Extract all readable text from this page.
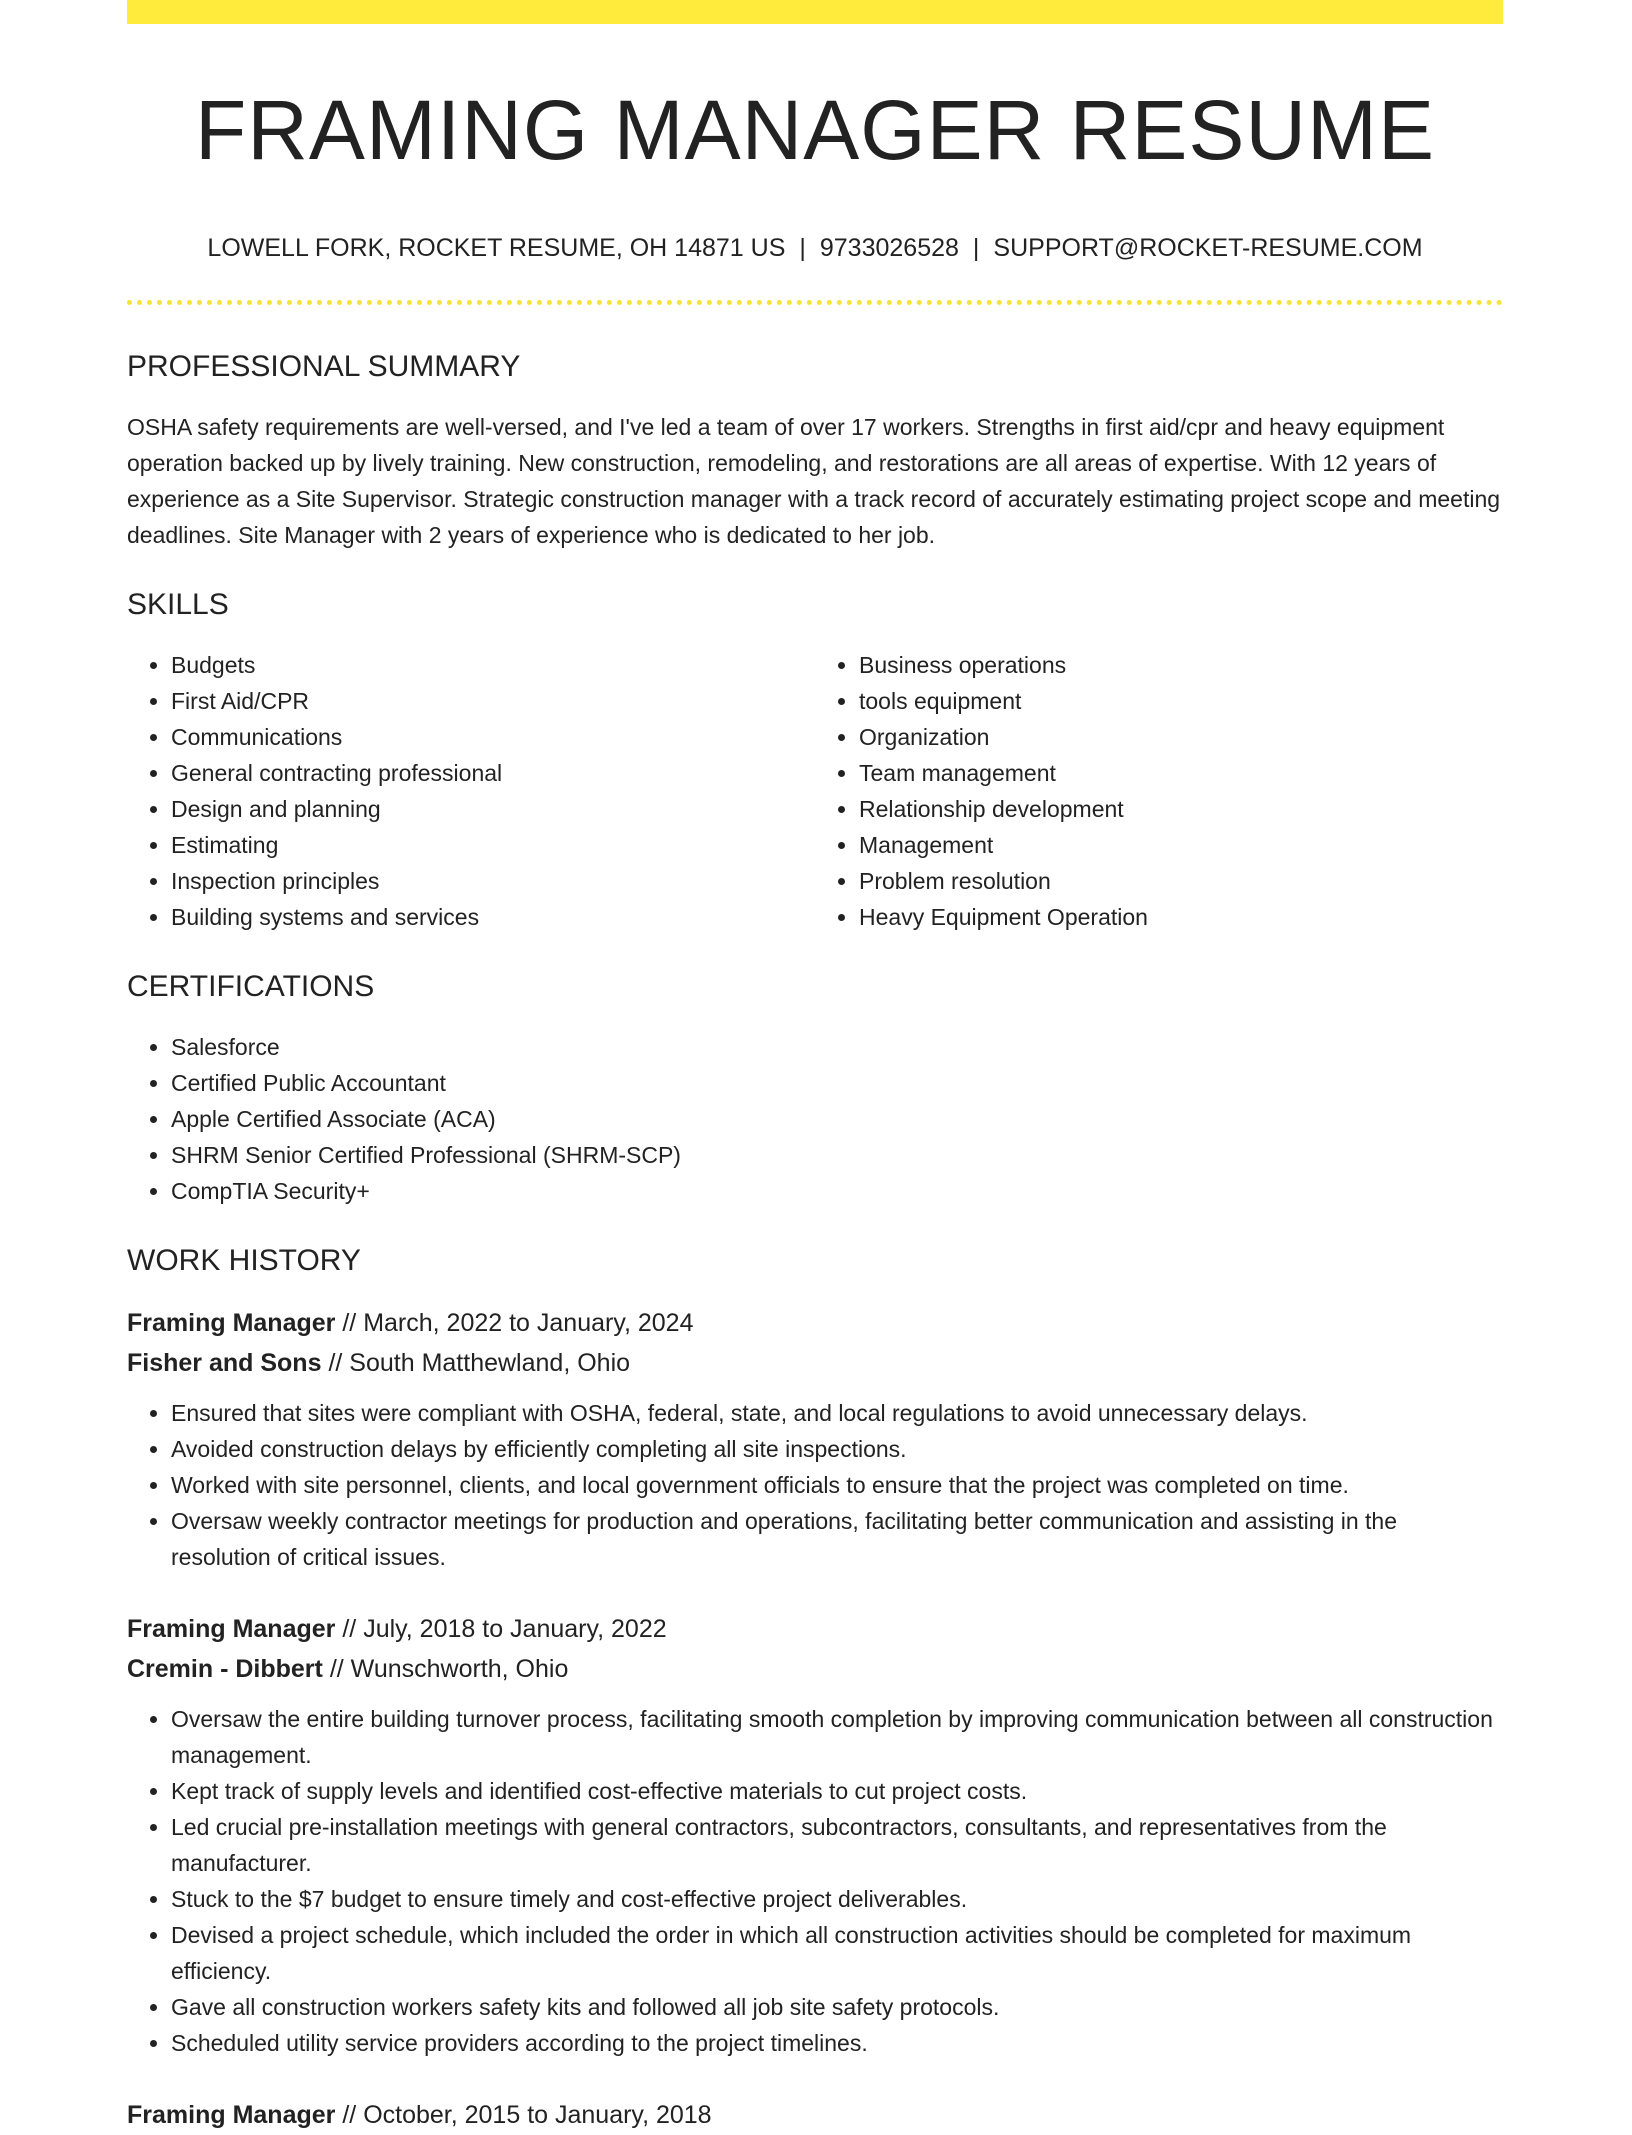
FRAMING MANAGER RESUME
LOWELL FORK, ROCKET RESUME, OH 14871 US | 9733026528 | SUPPORT@ROCKET-RESUME.COM
PROFESSIONAL SUMMARY

OSHA safety requirements are well-versed, and I've led a team of over 17 workers. Strengths in first aid/cpr and heavy equipment operation backed up by lively training. New construction, remodeling, and restorations are all areas of expertise. With 12 years of experience as a Site Supervisor. Strategic construction manager with a track record of accurately estimating project scope and meeting deadlines. Site Manager with 2 years of experience who is dedicated to her job.

SKILLS
• Budgets
• First Aid/CPR
• Communications
• General contracting professional
• Design and planning
• Estimating
• Inspection principles
• Building systems and services
• Business operations
• tools equipment
• Organization
• Team management
• Relationship development
• Management
• Problem resolution
• Heavy Equipment Operation
CERTIFICATIONS
• Salesforce
• Certified Public Accountant
• Apple Certified Associate (ACA)
• SHRM Senior Certified Professional (SHRM-SCP)
• CompTIA Security+
WORK HISTORY
Framing Manager // March, 2022 to January, 2024
Fisher and Sons // South Matthewland, Ohio
• Ensured that sites were compliant with OSHA, federal, state, and local regulations to avoid unnecessary delays.
• Avoided construction delays by efficiently completing all site inspections.
• Worked with site personnel, clients, and local government officials to ensure that the project was completed on time.
• Oversaw weekly contractor meetings for production and operations, facilitating better communication and assisting in the resolution of critical issues.
Framing Manager // July, 2018 to January, 2022
Cremin - Dibbert // Wunschworth, Ohio
• Oversaw the entire building turnover process, facilitating smooth completion by improving communication between all construction management.
• Kept track of supply levels and identified cost-effective materials to cut project costs.
• Led crucial pre-installation meetings with general contractors, subcontractors, consultants, and representatives from the manufacturer.
• Stuck to the $7 budget to ensure timely and cost-effective project deliverables.
• Devised a project schedule, which included the order in which all construction activities should be completed for maximum efficiency.
• Gave all construction workers safety kits and followed all job site safety protocols.
• Scheduled utility service providers according to the project timelines.
Framing Manager // October, 2015 to January, 2018
